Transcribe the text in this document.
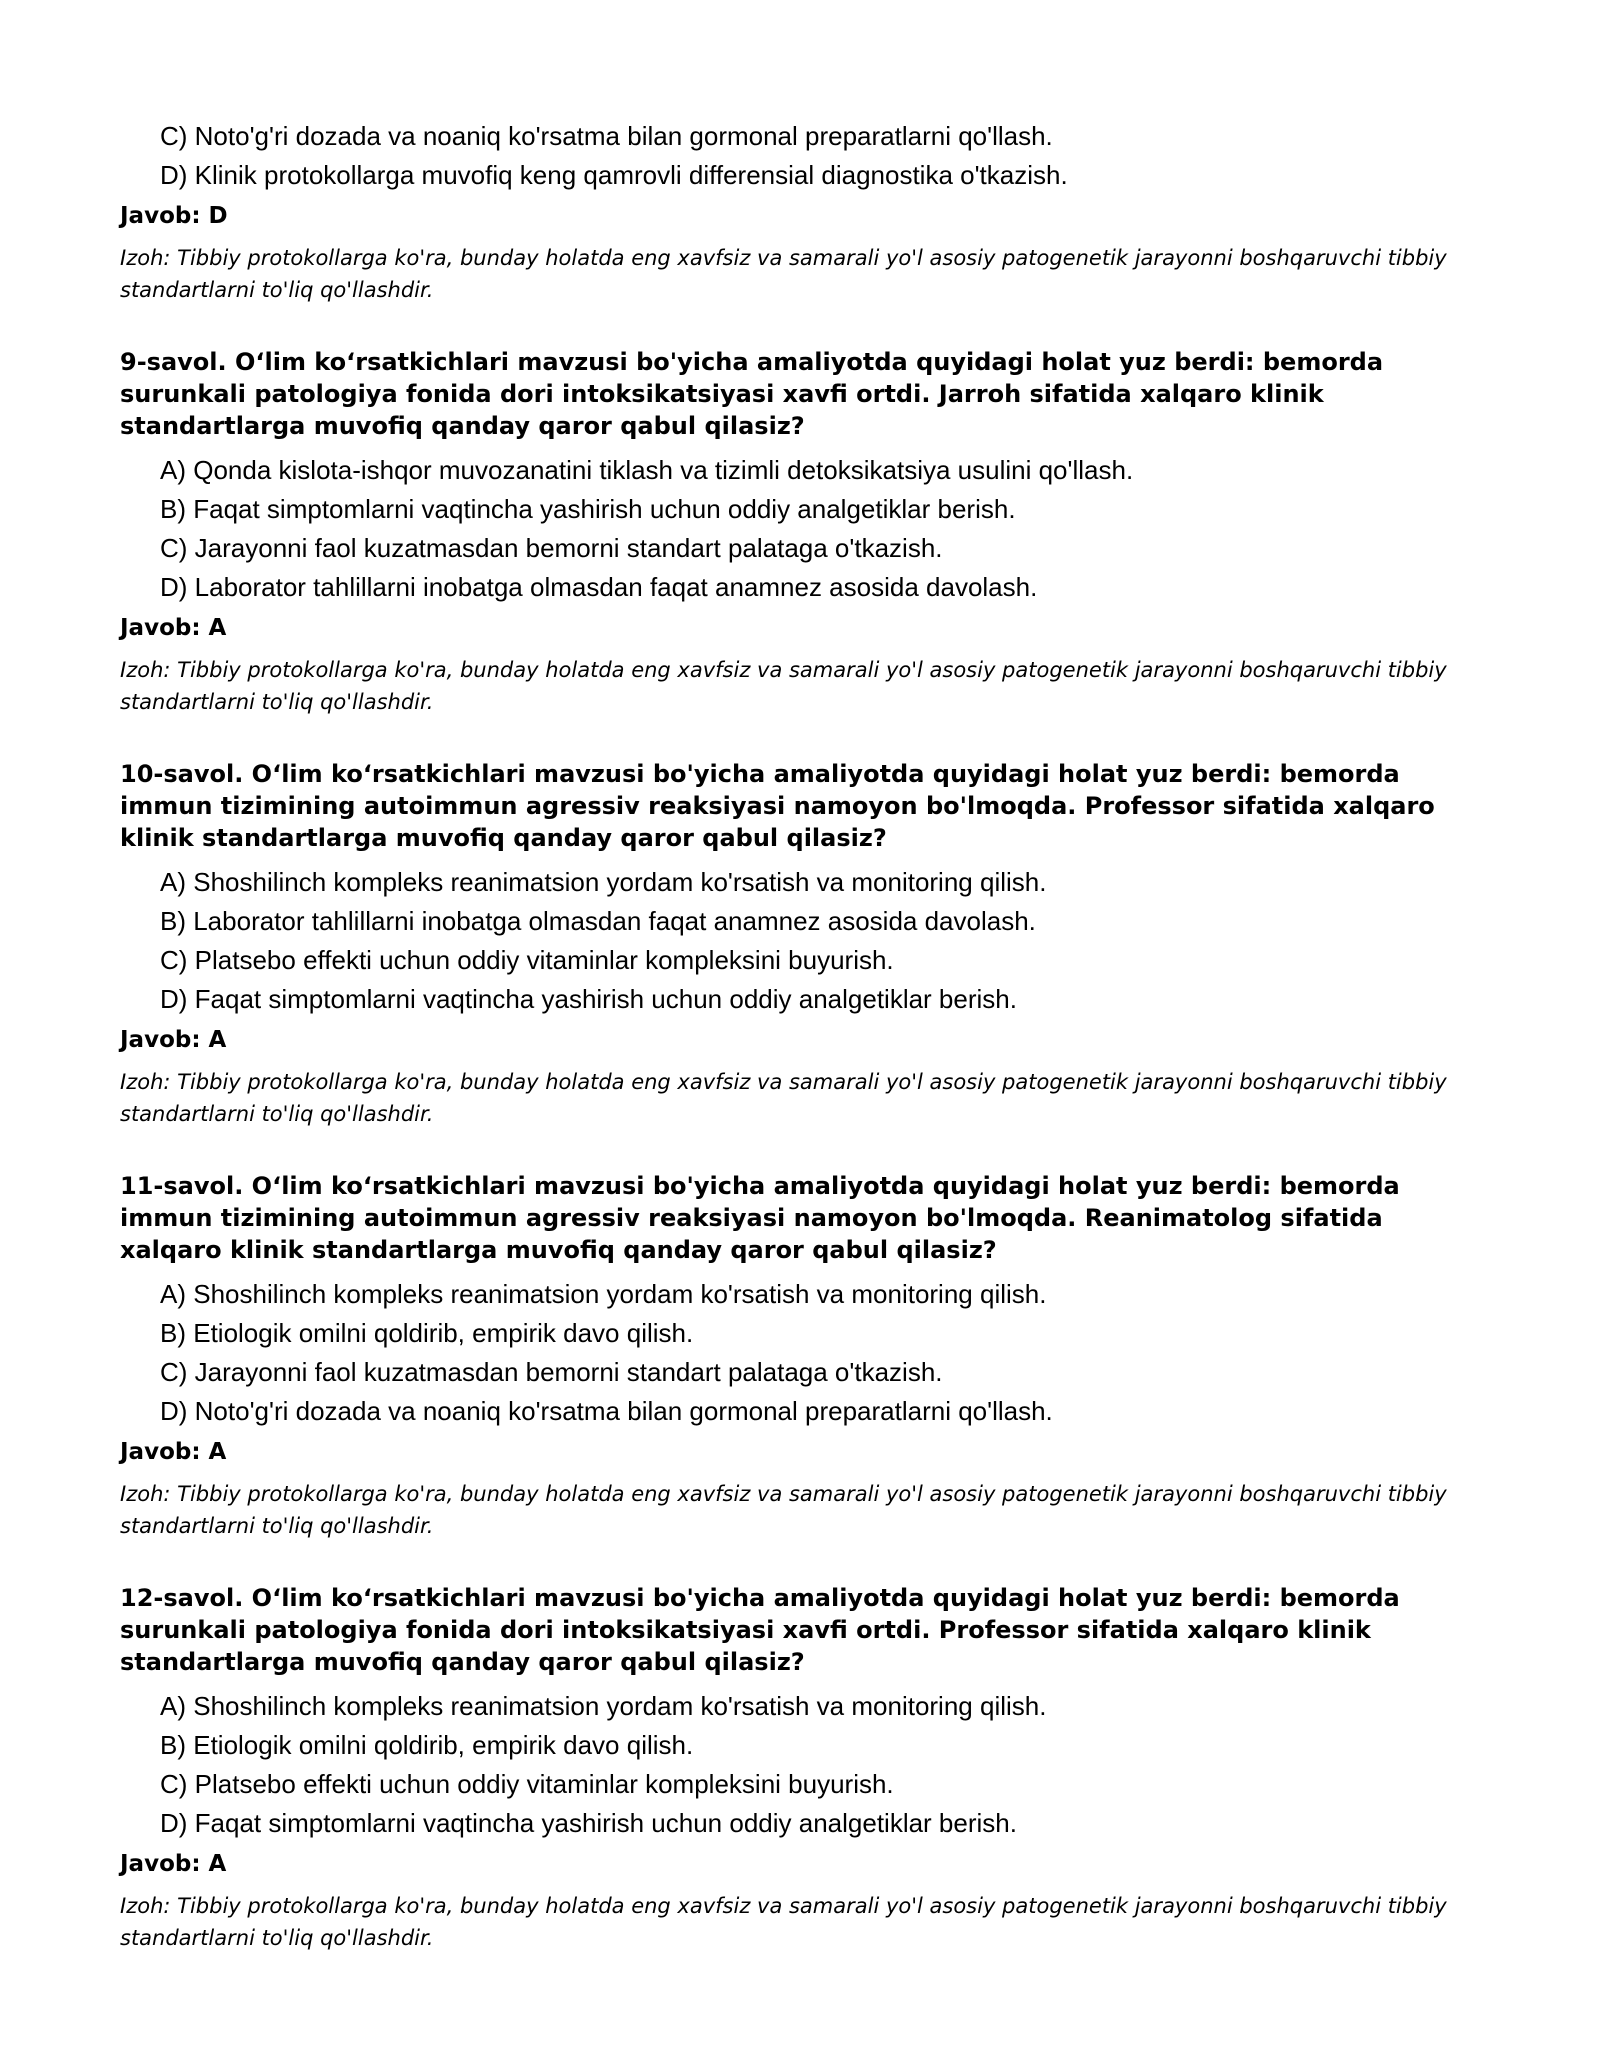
C) Noto'g'ri dozada va noaniq ko'rsatma bilan gormonal preparatlarni qo'llash.
D) Klinik protokollarga muvofiq keng qamrovli differensial diagnostika o'tkazish.
Javob: D
Izoh: Tibbiy protokollarga ko'ra, bunday holatda eng xavfsiz va samarali yo'l asosiy patogenetik jarayonni boshqaruvchi tibbiy standartlarni to'liq qo'llashdir.
9-savol. O‘lim ko‘rsatkichlari mavzusi bo'yicha amaliyotda quyidagi holat yuz berdi: bemorda surunkali patologiya fonida dori intoksikatsiyasi xavfi ortdi. Jarroh sifatida xalqaro klinik standartlarga muvofiq qanday qaror qabul qilasiz?
A) Qonda kislota-ishqor muvozanatini tiklash va tizimli detoksikatsiya usulini qo'llash.
B) Faqat simptomlarni vaqtincha yashirish uchun oddiy analgetiklar berish.
C) Jarayonni faol kuzatmasdan bemorni standart palataga o'tkazish.
D) Laborator tahlillarni inobatga olmasdan faqat anamnez asosida davolash.
Javob: A
Izoh: Tibbiy protokollarga ko'ra, bunday holatda eng xavfsiz va samarali yo'l asosiy patogenetik jarayonni boshqaruvchi tibbiy standartlarni to'liq qo'llashdir.
10-savol. O‘lim ko‘rsatkichlari mavzusi bo'yicha amaliyotda quyidagi holat yuz berdi: bemorda immun tizimining autoimmun agressiv reaksiyasi namoyon bo'lmoqda. Professor sifatida xalqaro klinik standartlarga muvofiq qanday qaror qabul qilasiz?
A) Shoshilinch kompleks reanimatsion yordam ko'rsatish va monitoring qilish.
B) Laborator tahlillarni inobatga olmasdan faqat anamnez asosida davolash.
C) Platsebo effekti uchun oddiy vitaminlar kompleksini buyurish.
D) Faqat simptomlarni vaqtincha yashirish uchun oddiy analgetiklar berish.
Javob: A
Izoh: Tibbiy protokollarga ko'ra, bunday holatda eng xavfsiz va samarali yo'l asosiy patogenetik jarayonni boshqaruvchi tibbiy standartlarni to'liq qo'llashdir.
11-savol. O‘lim ko‘rsatkichlari mavzusi bo'yicha amaliyotda quyidagi holat yuz berdi: bemorda immun tizimining autoimmun agressiv reaksiyasi namoyon bo'lmoqda. Reanimatolog sifatida xalqaro klinik standartlarga muvofiq qanday qaror qabul qilasiz?
A) Shoshilinch kompleks reanimatsion yordam ko'rsatish va monitoring qilish.
B) Etiologik omilni qoldirib, empirik davo qilish.
C) Jarayonni faol kuzatmasdan bemorni standart palataga o'tkazish.
D) Noto'g'ri dozada va noaniq ko'rsatma bilan gormonal preparatlarni qo'llash.
Javob: A
Izoh: Tibbiy protokollarga ko'ra, bunday holatda eng xavfsiz va samarali yo'l asosiy patogenetik jarayonni boshqaruvchi tibbiy standartlarni to'liq qo'llashdir.
12-savol. O‘lim ko‘rsatkichlari mavzusi bo'yicha amaliyotda quyidagi holat yuz berdi: bemorda surunkali patologiya fonida dori intoksikatsiyasi xavfi ortdi. Professor sifatida xalqaro klinik standartlarga muvofiq qanday qaror qabul qilasiz?
A) Shoshilinch kompleks reanimatsion yordam ko'rsatish va monitoring qilish.
B) Etiologik omilni qoldirib, empirik davo qilish.
C) Platsebo effekti uchun oddiy vitaminlar kompleksini buyurish.
D) Faqat simptomlarni vaqtincha yashirish uchun oddiy analgetiklar berish.
Javob: A
Izoh: Tibbiy protokollarga ko'ra, bunday holatda eng xavfsiz va samarali yo'l asosiy patogenetik jarayonni boshqaruvchi tibbiy standartlarni to'liq qo'llashdir.
